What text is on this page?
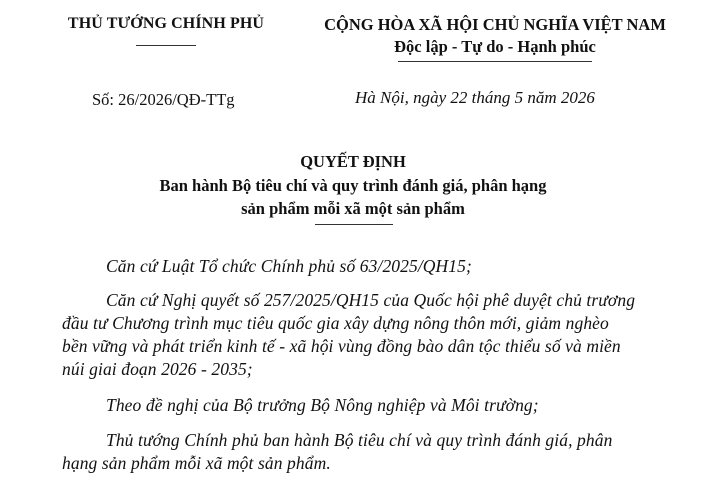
THỦ TƯỚNG CHÍNH PHỦ	CỘNG HÒA XÃ HỘI CHỦ NGHĨA VIỆT NAM
Độc lập - Tự do - Hạnh phúc
Số: 26/2026/QĐ-TTg	Hà Nội, ngày 22 tháng 5 năm 2026
QUYẾT ĐỊNH
Ban hành Bộ tiêu chí và quy trình đánh giá, phân hạng
sản phẩm mỗi xã một sản phẩm
Căn cứ Luật Tổ chức Chính phủ số 63/2025/QH15;
Căn cứ Nghị quyết số 257/2025/QH15 của Quốc hội phê duyệt chủ trương
đầu tư Chương trình mục tiêu quốc gia xây dựng nông thôn mới, giảm nghèo
bền vững và phát triển kinh tế - xã hội vùng đồng bào dân tộc thiểu số và miền
núi giai đoạn 2026 - 2035;
Theo đề nghị của Bộ trưởng Bộ Nông nghiệp và Môi trường;
Thủ tướng Chính phủ ban hành Bộ tiêu chí và quy trình đánh giá, phân
hạng sản phẩm mỗi xã một sản phẩm.
